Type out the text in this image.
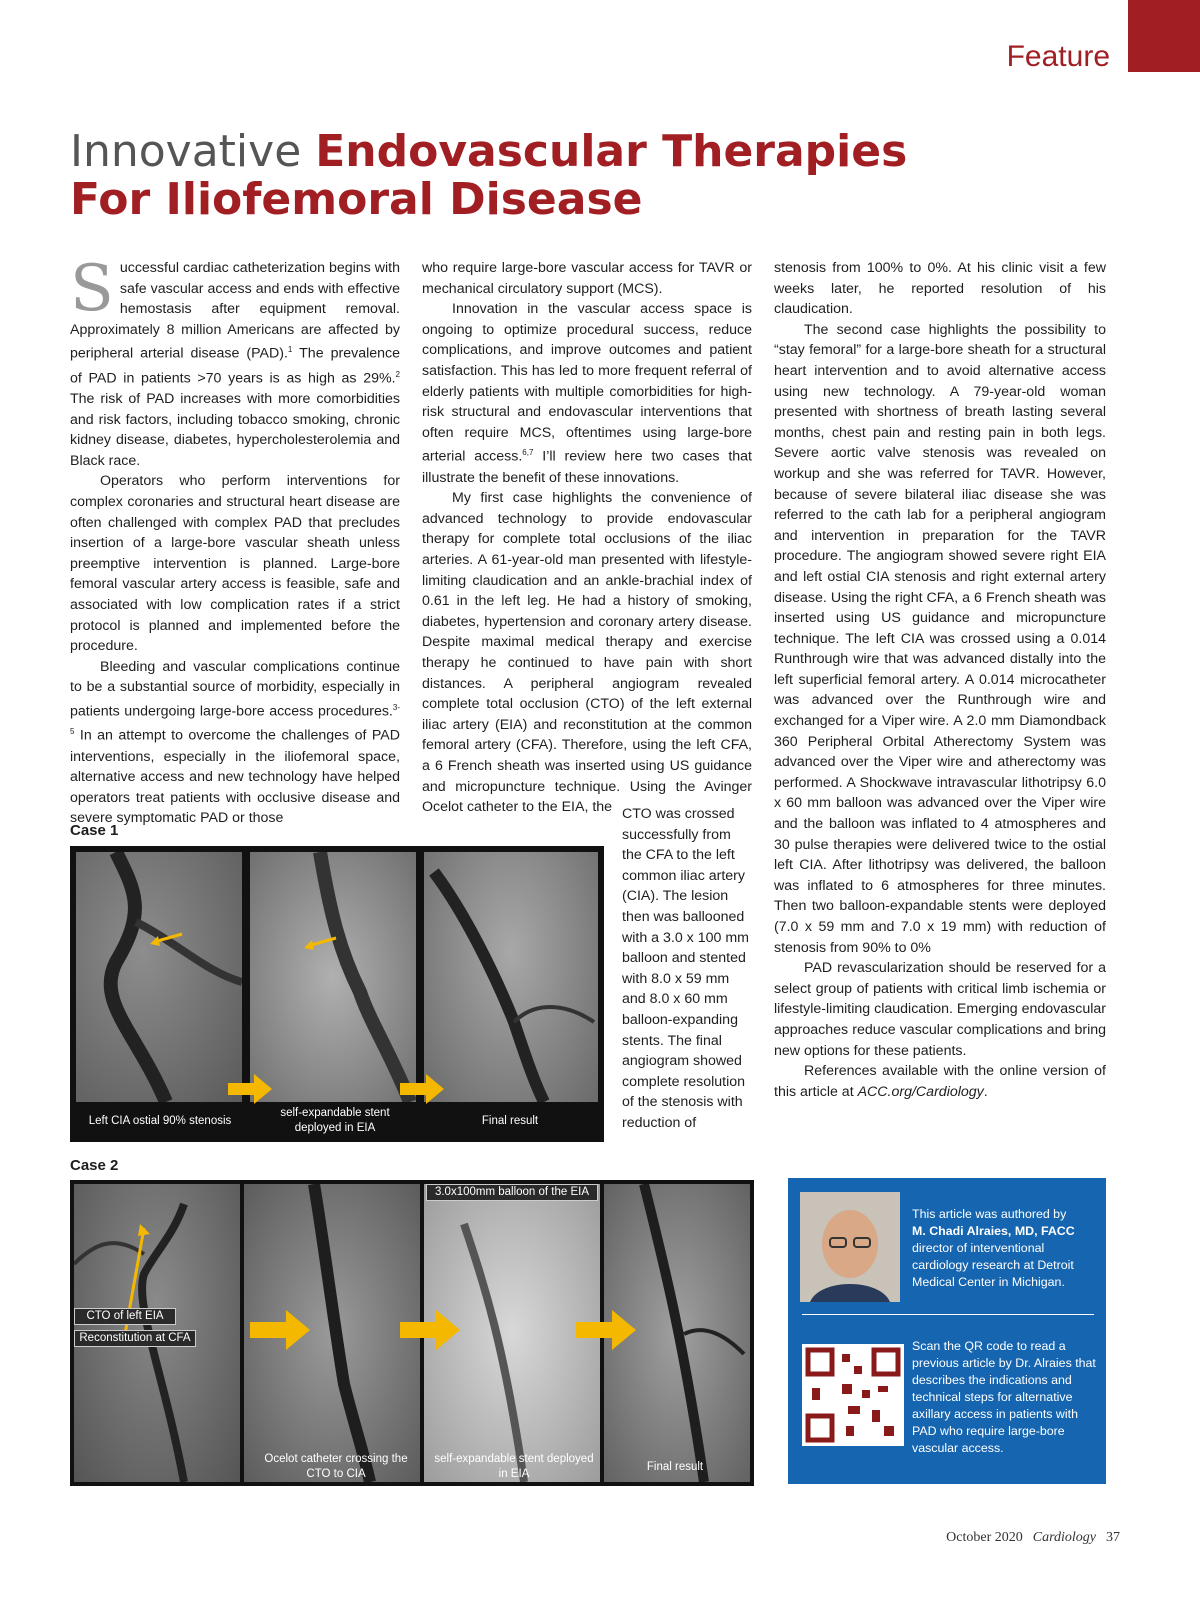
Feature
Innovative Endovascular Therapies
For Iliofemoral Disease

Successful cardiac catheterization begins with safe vascular access and ends with effective hemostasis after equipment removal. Approximately 8 million Americans are affected by peripheral arterial disease (PAD).$^1$ The prevalence of PAD in patients >70 years is as high as 29%.$^2$ The risk of PAD increases with more comorbidities and risk factors, including tobacco smoking, chronic kidney disease, diabetes, hypercholesterolemia and Black race.

Operators who perform interventions for complex coronaries and structural heart disease are often challenged with complex PAD that precludes insertion of a large-bore vascular sheath unless preemptive intervention is planned. Large-bore femoral vascular artery access is feasible, safe and associated with low complication rates if a strict protocol is planned and implemented before the procedure.

Bleeding and vascular complications continue to be a substantial source of morbidity, especially in patients undergoing large-bore access procedures.$^{3-5}$ In an attempt to overcome the challenges of PAD interventions, especially in the iliofemoral space, alternative access and new technology have helped operators treat patients with occlusive disease and severe symptomatic PAD or those

who require large-bore vascular access for TAVR or mechanical circulatory support (MCS).

Innovation in the vascular access space is ongoing to optimize procedural success, reduce complications, and improve outcomes and patient satisfaction. This has led to more frequent referral of elderly patients with multiple comorbidities for high-risk structural and endovascular interventions that often require MCS, oftentimes using large-bore arterial access.$^{6,7}$ I’ll review here two cases that illustrate the benefit of these innovations.

My first case highlights the convenience of advanced technology to provide endovascular therapy for complete total occlusions of the iliac arteries. A 61-year-old man presented with lifestyle-limiting claudication and an ankle-brachial index of 0.61 in the left leg. He had a history of smoking, diabetes, hypertension and coronary artery disease. Despite maximal medical therapy and exercise therapy he continued to have pain with short distances. A peripheral angiogram revealed complete total occlusion (CTO) of the left external iliac artery (EIA) and reconstitution at the common femoral artery (CFA). Therefore, using the left CFA, a 6 French sheath was inserted using US guidance and micropuncture technique. Using the Avinger Ocelot catheter to the EIA, the CTO was crossed successfully from the CFA to the left common iliac artery (CIA). The lesion then was ballooned with a 3.0 x 100 mm balloon and stented with 8.0 x 59 mm and 8.0 x 60 mm balloon-expanding stents. The final angiogram showed complete resolution of the stenosis with reduction of

stenosis from 100% to 0%. At his clinic visit a few weeks later, he reported resolution of his claudication.

The second case highlights the possibility to “stay femoral” for a large-bore sheath for a structural heart intervention and to avoid alternative access using new technology. A 79-year-old woman presented with shortness of breath lasting several months, chest pain and resting pain in both legs. Severe aortic valve stenosis was revealed on workup and she was referred for TAVR. However, because of severe bilateral iliac disease she was referred to the cath lab for a peripheral angiogram and intervention in preparation for the TAVR procedure. The angiogram showed severe right EIA and left ostial CIA stenosis and right external artery disease. Using the right CFA, a 6 French sheath was inserted using US guidance and micropuncture technique. The left CIA was crossed using a 0.014 Runthrough wire that was advanced distally into the left superficial femoral artery. A 0.014 microcatheter was advanced over the Runthrough wire and exchanged for a Viper wire. A 2.0 mm Diamondback 360 Peripheral Orbital Atherectomy System was advanced over the Viper wire and atherectomy was performed. A Shockwave intravascular lithotripsy 6.0 x 60 mm balloon was advanced over the Viper wire and the balloon was inflated to 4 atmospheres and 30 pulse therapies were delivered twice to the ostial left CIA. After lithotripsy was delivered, the balloon was inflated to 6 atmospheres for three minutes. Then two balloon-expandable stents were deployed (7.0 x 59 mm and 7.0 x 19 mm) with reduction of stenosis from 90% to 0%

PAD revascularization should be reserved for a select group of patients with critical limb ischemia or lifestyle-limiting claudication. Emerging endovascular approaches reduce vascular complications and bring new options for these patients.

References available with the online version of this article at ACC.org/Cardiology.

Case 1
Left CIA ostial 90% stenosis
self-expandable stent deployed in EIA
Final result
Case 2
CTO of left EIA
Reconstitution at CFA
Ocelot catheter crossing the CTO to CIA
3.0x100mm balloon of the EIA
self-expandable stent deployed in EIA
Final result
This article was authored by
M. Chadi Alraies, MD, FACC
director of interventional cardiology research at Detroit Medical Center in Michigan.
Scan the QR code to read a previous article by Dr. Alraies that describes the indications and technical steps for alternative axillary access in patients with PAD who require large-bore vascular access.
October 2020 Cardiology 37
